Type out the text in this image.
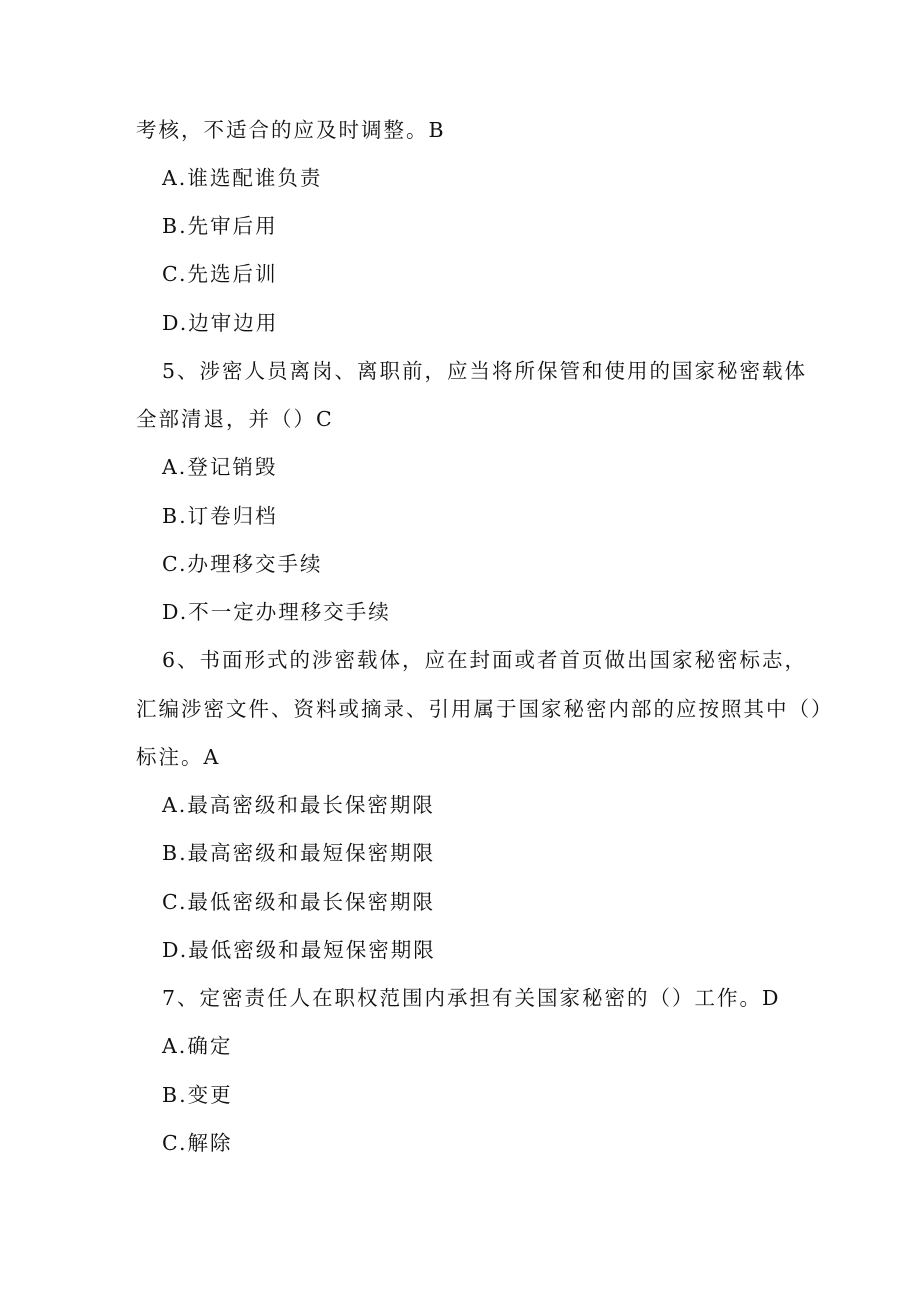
考核，不适合的应及时调整。B
A.谁选配谁负责
B.先审后用
C.先选后训
D.边审边用
5、涉密人员离岗、离职前，应当将所保管和使用的国家秘密载体
全部清退，并（）C
A.登记销毁
B.订卷归档
C.办理移交手续
D.不一定办理移交手续
6、书面形式的涉密载体，应在封面或者首页做出国家秘密标志，
汇编涉密文件、资料或摘录、引用属于国家秘密内部的应按照其中（）
标注。A
A.最高密级和最长保密期限
B.最高密级和最短保密期限
C.最低密级和最长保密期限
D.最低密级和最短保密期限
7、定密责任人在职权范围内承担有关国家秘密的（）工作。D
A.确定
B.变更
C.解除
